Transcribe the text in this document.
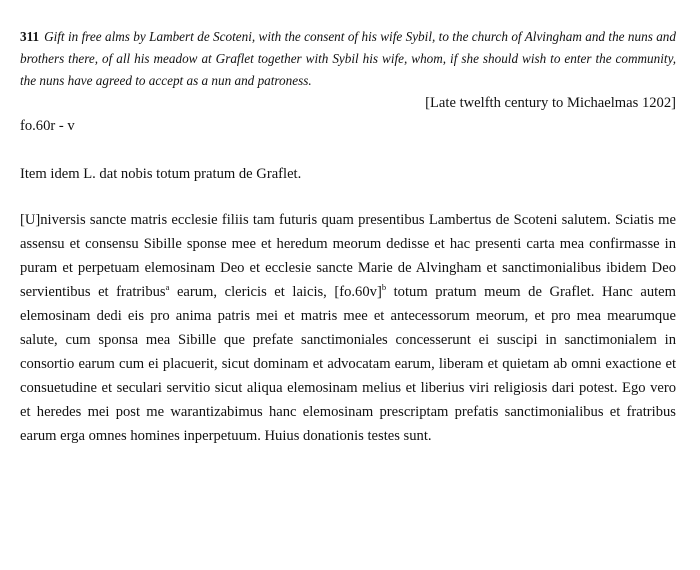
311 Gift in free alms by Lambert de Scoteni, with the consent of his wife Sybil, to the church of Alvingham and the nuns and brothers there, of all his meadow at Graflet together with Sybil his wife, whom, if she should wish to enter the community, the nuns have agreed to accept as a nun and patroness.

[Late twelfth century to Michaelmas 1202]

fo.60r - v

Item idem L. dat nobis totum pratum de Graflet.

[U]niversis sancte matris ecclesie filiis tam futuris quam presentibus Lambertus de Scoteni salutem. Sciatis me assensu et consensu Sibille sponse mee et heredum meorum dedisse et hac presenti carta mea confirmasse in puram et perpetuam elemosinam Deo et ecclesie sancte Marie de Alvingham et sanctimonialibus ibidem Deo servientibus et fratribus$^a$ earum, clericis et laicis, $[fo.60v]^b$ totum pratum meum de Graflet. Hanc autem elemosinam dedi eis pro anima patris mei et matris mee et antecessorum meorum, et pro mea mearumque salute, cum sponsa mea Sibille que prefate sanctimoniales concesserunt ei suscipi in sanctimonialem in consortio earum cum ei placuerit, sicut dominam et advocatam earum, liberam et quietam ab omni exactione et consuetudine et seculari servitio sicut aliqua elemosinam melius et liberius viri religiosis dari potest. Ego vero et heredes mei post me warantizabimus hanc elemosinam prescriptam prefatis sanctimonialibus et fratribus earum erga omnes homines inperpetuum. Huius donationis testes sunt.
